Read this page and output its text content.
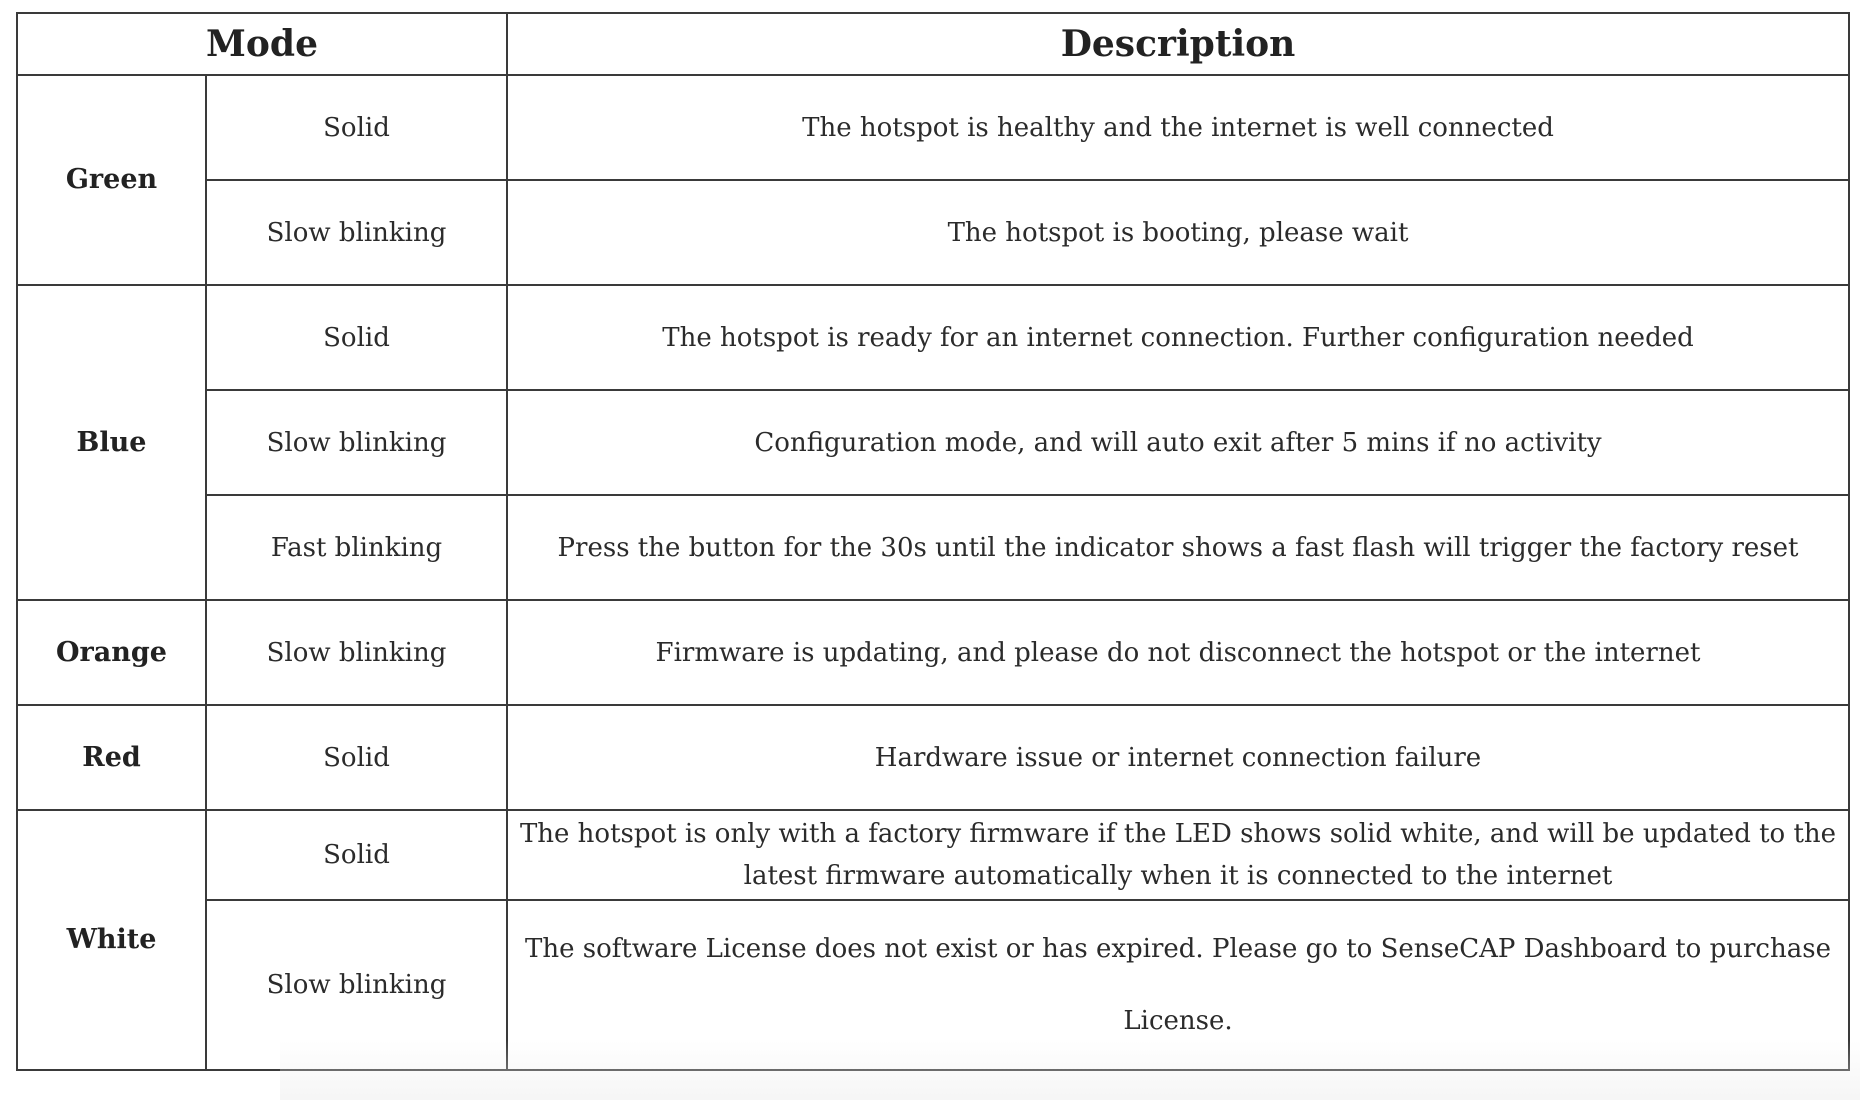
Mode		Description
Green	Solid	The hotspot is healthy and the internet is well connected
	Slow blinking	The hotspot is booting, please wait
Blue	Solid	The hotspot is ready for an internet connection. Further configuration needed
	Slow blinking	Configuration mode, and will auto exit after 5 mins if no activity
	Fast blinking	Press the button for the 30s until the indicator shows a fast flash will trigger the factory reset
Orange	Slow blinking	Firmware is updating, and please do not disconnect the hotspot or the internet
Red	Solid	Hardware issue or internet connection failure
White	Solid	The hotspot is only with a factory firmware if the LED shows solid white, and will be updated to the latest firmware automatically when it is connected to the internet
	Slow blinking	The software License does not exist or has expired. Please go to SenseCAP Dashboard to purchase License.
